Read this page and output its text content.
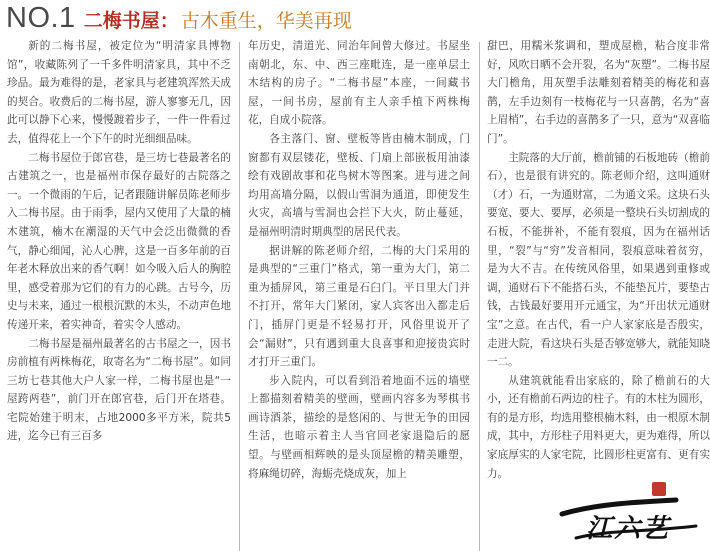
NO.1 二梅书屋： 古木重生，华美再现

新的二梅书屋，被定位为“明清家具博物馆”，收藏陈列了一千多件明清家具，其中不乏珍品。最为难得的是，老家具与老建筑浑然天成的契合。收费后的二梅书屋，游人寥寥无几，因此可以静下心来，慢慢踱着步子，一件一件看过去，值得花上一个下午的时光细细品味。

二梅书屋位于郎官巷，是三坊七巷最著名的古建筑之一，也是福州市保存最好的古院落之一。一个微雨的午后，记者跟随讲解员陈老师步入二梅书屋。由于雨季，屋内又使用了大量的楠木建筑，楠木在潮湿的天气中会泛出微微的香气，静心细闻，沁人心脾，这是一百多年前的百年老木释放出来的香气啊！如今吸入后人的胸腔里，感受着那为它们的有力的心跳。古号今，历史与未来，通过一根根沉默的木头，不动声色地传递开来，着实神奇，着实令人感动。

二梅书屋是福州最著名的古书屋之一，因书房前植有两株梅花，取寄名为“二梅书屋”。如同三坊七巷其他大户人家一样，二梅书屋也是“一屋跨两巷”，前门开在郎官巷，后门开在塔巷。宅院始建于明末，占地2000多平方米，院共5进，迄今已有三百多

年历史，清道光、同治年间曾大修过。书屋坐南朝北，东、中、西三座毗连，是一座单层土木结构的房子。“二梅书屋”本座，一间藏书屋，一间书房，屋前有主人亲手植下两株梅花，自成小院落。

各主落门、窗、壁板等皆由楠木制成，门窗都有双层镂花，壁板、门扇上部嵌板用油漆绘有戏剧故事和花鸟树木等图案。进与进之间均用高墙分隔，以假山雪洞为通道，即使发生火灾，高墙与雪洞也会拦下大火，防止蔓延，是福州明清时期典型的居民代表。

据讲解的陈老师介绍，二梅的大门采用的是典型的“三重门”格式，第一重为大门，第二重为插屏风，第三重是石臼门。平日里大门并不打开，常年大门紧闭，家人宾客出入都走后门，插屏门更是不轻易打开，风俗里说开了会“漏财”，只有遇到重大良喜事和迎接贵宾时才打开三重门。

步入院内，可以看到沿着地面不远的墙壁上都描刻着精美的壁画，壁画内容多为琴棋书画诗酒茶，描绘的是悠闲的、与世无争的田园生活，也暗示着主人当官回老家退隐后的愿望。与壁画相辉映的是头顶屋檐的精美雕塑，将麻绳切碎，海蛎壳烧成灰，加上

甜巴，用糯米浆调和，塑成屋檐，粘合度非常好，风吹日晒不会开裂，名为“灰塑”。二梅书屋大门檐角，用灰塑手法雕刻着精美的梅花和喜鹊，左手边刻有一枝梅花与一只喜鹊，名为“喜上眉梢”，右手边的喜鹊多了一只，意为“双喜临门”。

主院落的大厅前，檐前铺的石板地砖（檐前石），也是很有讲究的。陈老师介绍，这叫通财（才）石，一为通财富，二为通文采。这块石头要宽、要大、要厚，必须是一整块石头切割成的石板，不能拼补，不能有裂痕，因为在福州话里，“裂”与“穷”发音相同，裂痕意味着贫穷，是为大不吉。在传统风俗里，如果遇到重修或调，通财石下不能搭石头，不能垫瓦片，要垫古钱，古钱最好要用开元通宝，为“开出状元通财宝”之意。在古代，看一户人家家底是否殷实，走进大院，看这块石头是否够宽够大，就能知晓一二。

从建筑就能看出家底的，除了檐前石的大小，还有檐前石两边的柱子。有的木柱为圆形，有的是方形，均选用整根楠木料，由一根原木制成，其中，方形柱子用料更大，更为难得，所以家底厚实的人家宅院，比圆形柱更富有、更有实力。

江六艺
